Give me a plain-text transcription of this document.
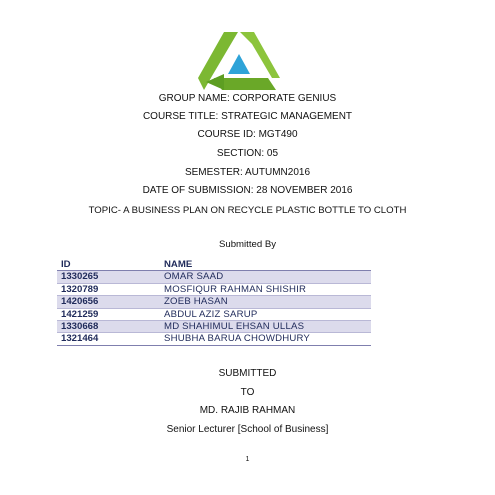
GROUP NAME: CORPORATE GENIUS
COURSE TITLE: STRATEGIC MANAGEMENT
COURSE ID: MGT490
SECTION: 05
SEMESTER: AUTUMN2016
DATE OF SUBMISSION: 28 NOVEMBER 2016
TOPIC- A BUSINESS PLAN ON RECYCLE PLASTIC BOTTLE TO CLOTH
Submitted By
ID	NAME
1330265	OMAR SAAD
1320789	MOSFIQUR RAHMAN SHISHIR
1420656	ZOEB HASAN
1421259	ABDUL AZIZ SARUP
1330668	MD SHAHIMUL EHSAN ULLAS
1321464	SHUBHA BARUA CHOWDHURY
SUBMITTED
TO
MD. RAJIB RAHMAN
Senior Lecturer [School of Business]
1
